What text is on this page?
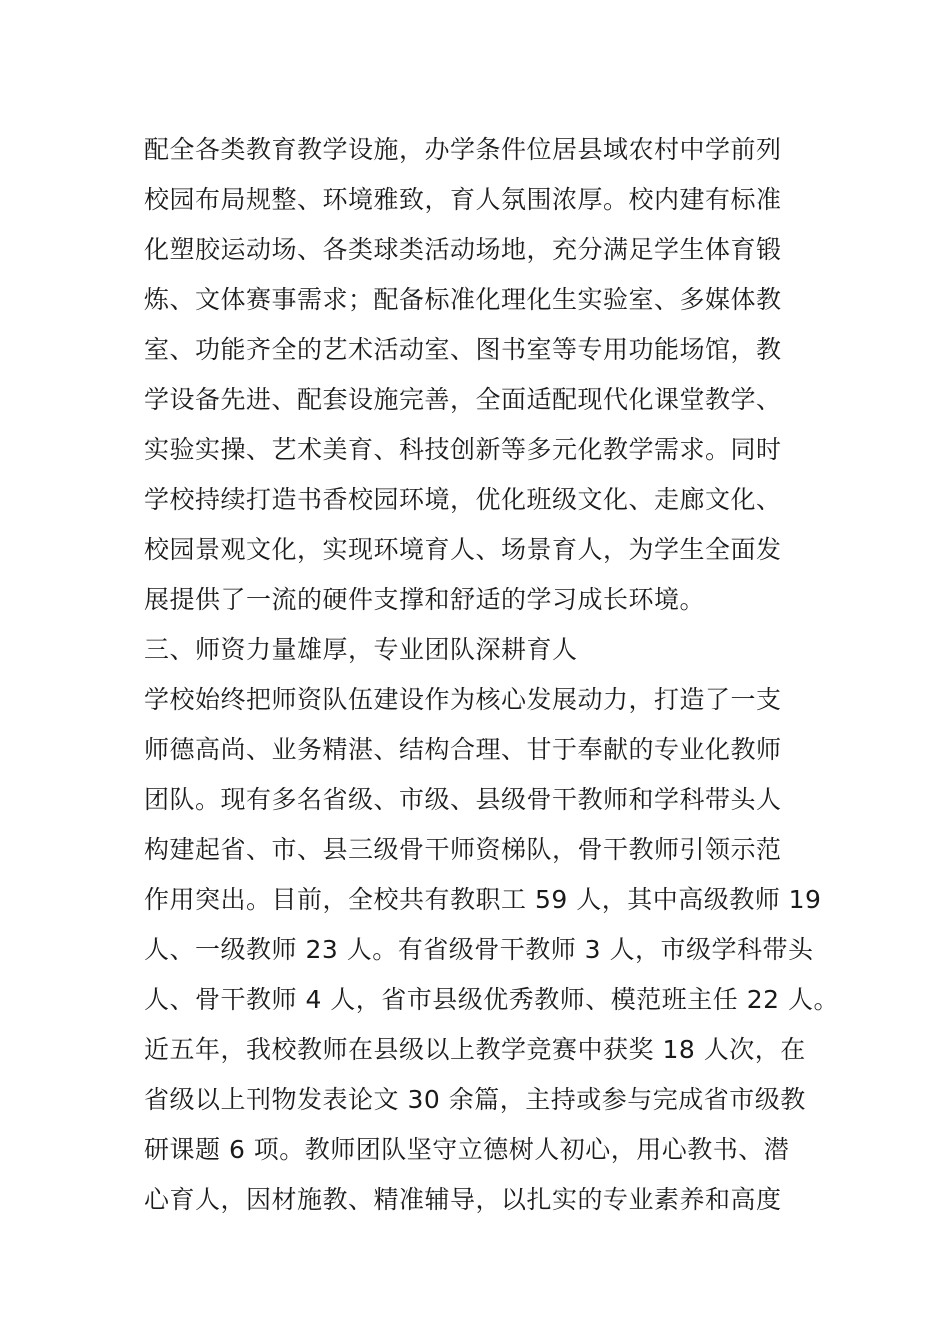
配全各类教育教学设施，办学条件位居县域农村中学前列
校园布局规整、环境雅致，育人氛围浓厚。校内建有标准
化塑胶运动场、各类球类活动场地，充分满足学生体育锻
炼、文体赛事需求；配备标准化理化生实验室、多媒体教
室、功能齐全的艺术活动室、图书室等专用功能场馆，教
学设备先进、配套设施完善，全面适配现代化课堂教学、
实验实操、艺术美育、科技创新等多元化教学需求。同时
学校持续打造书香校园环境，优化班级文化、走廊文化、
校园景观文化，实现环境育人、场景育人，为学生全面发
展提供了一流的硬件支撑和舒适的学习成长环境。
三、师资力量雄厚，专业团队深耕育人
学校始终把师资队伍建设作为核心发展动力，打造了一支
师德高尚、业务精湛、结构合理、甘于奉献的专业化教师
团队。现有多名省级、市级、县级骨干教师和学科带头人
构建起省、市、县三级骨干师资梯队，骨干教师引领示范
作用突出。目前，全校共有教职工 59 人，其中高级教师 19
人、一级教师 23 人。有省级骨干教师 3 人，市级学科带头
人、骨干教师 4 人，省市县级优秀教师、模范班主任 22 人。
近五年，我校教师在县级以上教学竞赛中获奖 18 人次，在
省级以上刊物发表论文 30 余篇，主持或参与完成省市级教
研课题 6 项。教师团队坚守立德树人初心，用心教书、潜
心育人，因材施教、精准辅导，以扎实的专业素养和高度
